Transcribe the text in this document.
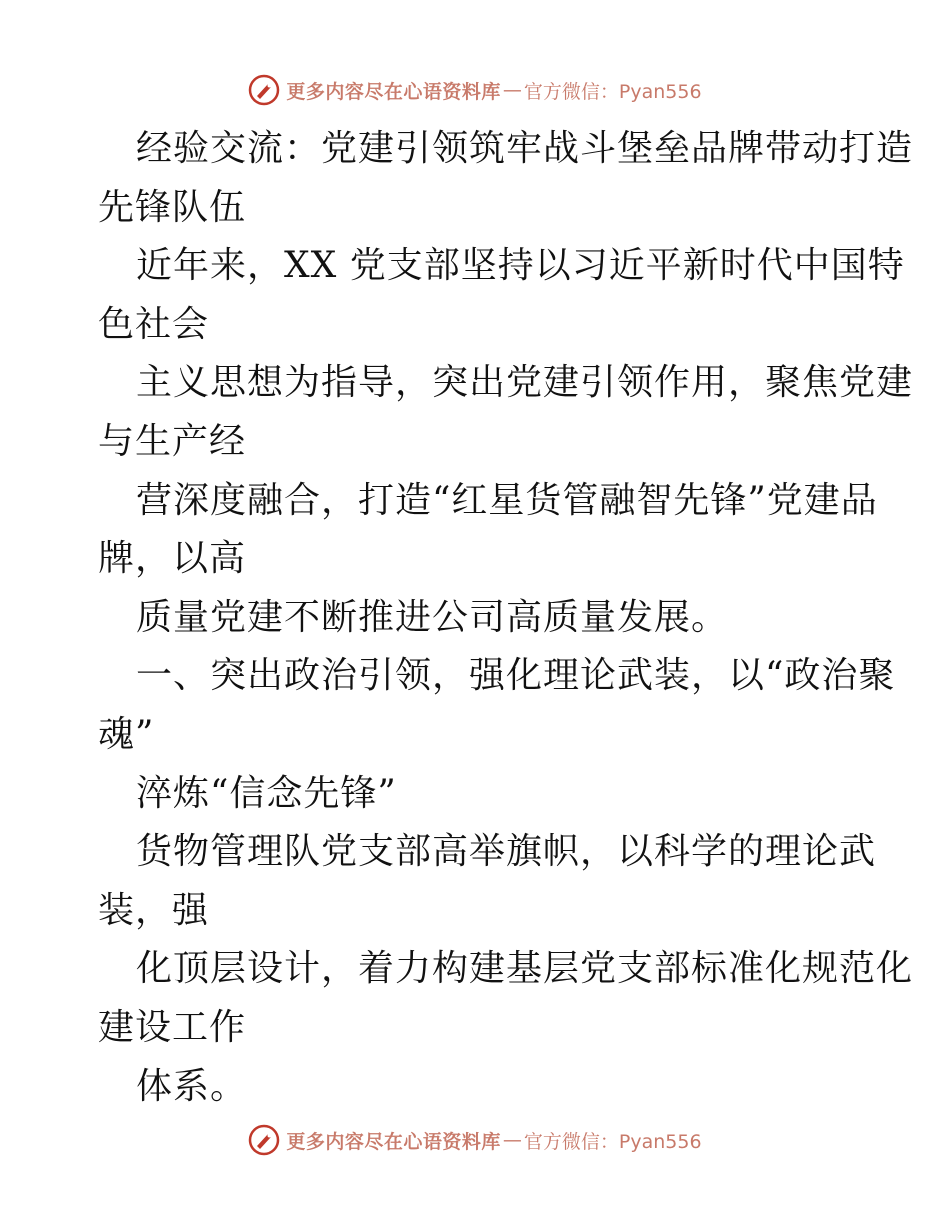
更多内容尽在心语资料库 — 官方微信：Pyan556
经验交流：党建引领筑牢战斗堡垒品牌带动打造
先锋队伍
近年来，XX 党支部坚持以习近平新时代中国特
色社会
主义思想为指导，突出党建引领作用，聚焦党建
与生产经
营深度融合，打造“红星货管融智先锋”党建品
牌，以高
质量党建不断推进公司高质量发展。
一、突出政治引领，强化理论武装，以“政治聚
魂”
淬炼“信念先锋”
货物管理队党支部高举旗帜，以科学的理论武
装，强
化顶层设计，着力构建基层党支部标准化规范化
建设工作
体系。
更多内容尽在心语资料库 — 官方微信：Pyan556
